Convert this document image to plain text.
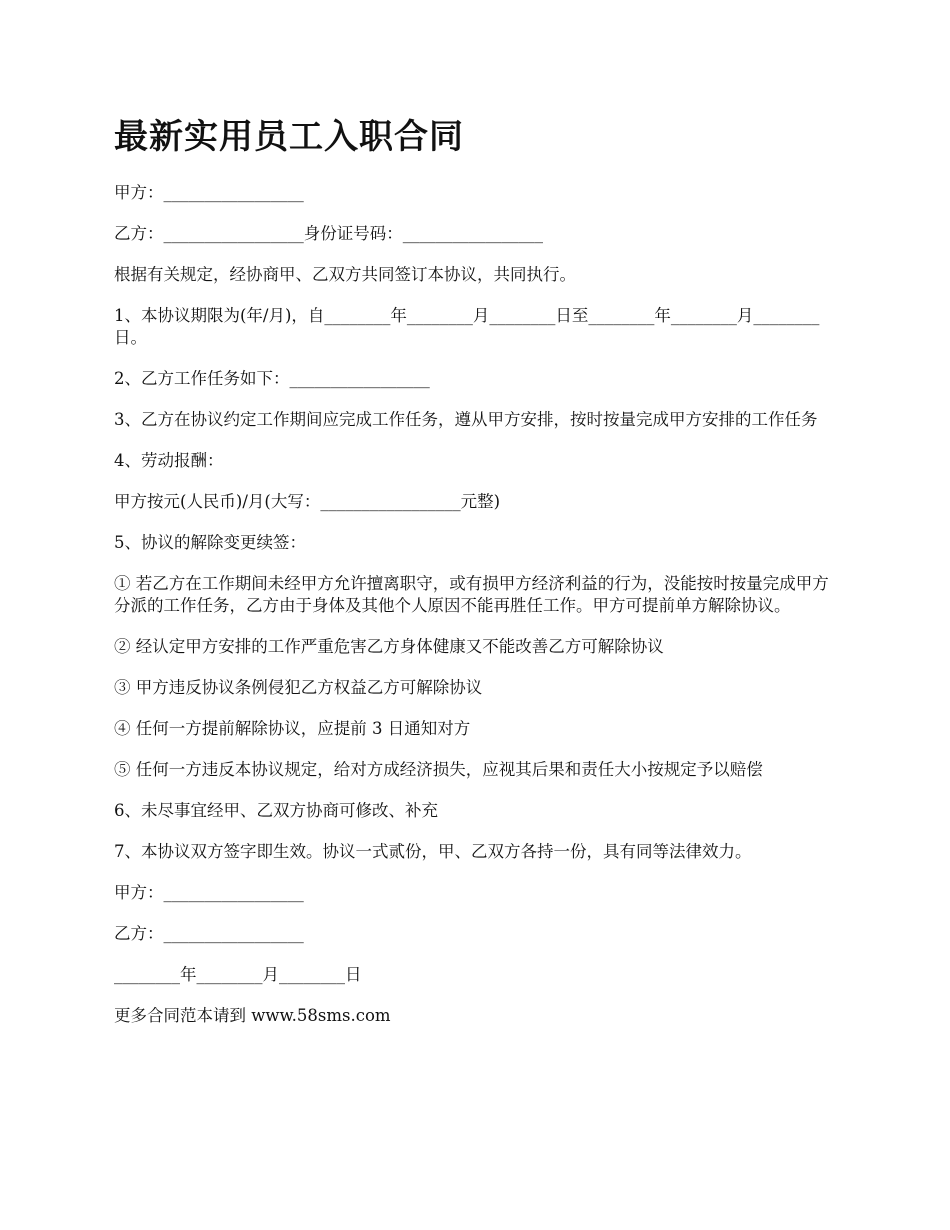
最新实用员工入职合同

甲方：_________________

乙方：_________________身份证号码：_________________

根据有关规定，经协商甲、乙双方共同签订本协议，共同执行。

1、本协议期限为(年/月)，自________年________月________日至________年________月________日。

2、乙方工作任务如下：_________________

3、乙方在协议约定工作期间应完成工作任务，遵从甲方安排，按时按量完成甲方安排的工作任务

4、劳动报酬：

甲方按元(人民币)/月(大写：_________________元整)

5、协议的解除变更续签：

① 若乙方在工作期间未经甲方允许擅离职守，或有损甲方经济利益的行为，没能按时按量完成甲方分派的工作任务，乙方由于身体及其他个人原因不能再胜任工作。甲方可提前单方解除协议。

② 经认定甲方安排的工作严重危害乙方身体健康又不能改善乙方可解除协议

③ 甲方违反协议条例侵犯乙方权益乙方可解除协议

④ 任何一方提前解除协议，应提前 3 日通知对方

⑤ 任何一方违反本协议规定，给对方成经济损失，应视其后果和责任大小按规定予以赔偿

6、未尽事宜经甲、乙双方协商可修改、补充

7、本协议双方签字即生效。协议一式贰份，甲、乙双方各持一份，具有同等法律效力。

甲方：_________________

乙方：_________________

________年________月________日

更多合同范本请到 www.58sms.com
